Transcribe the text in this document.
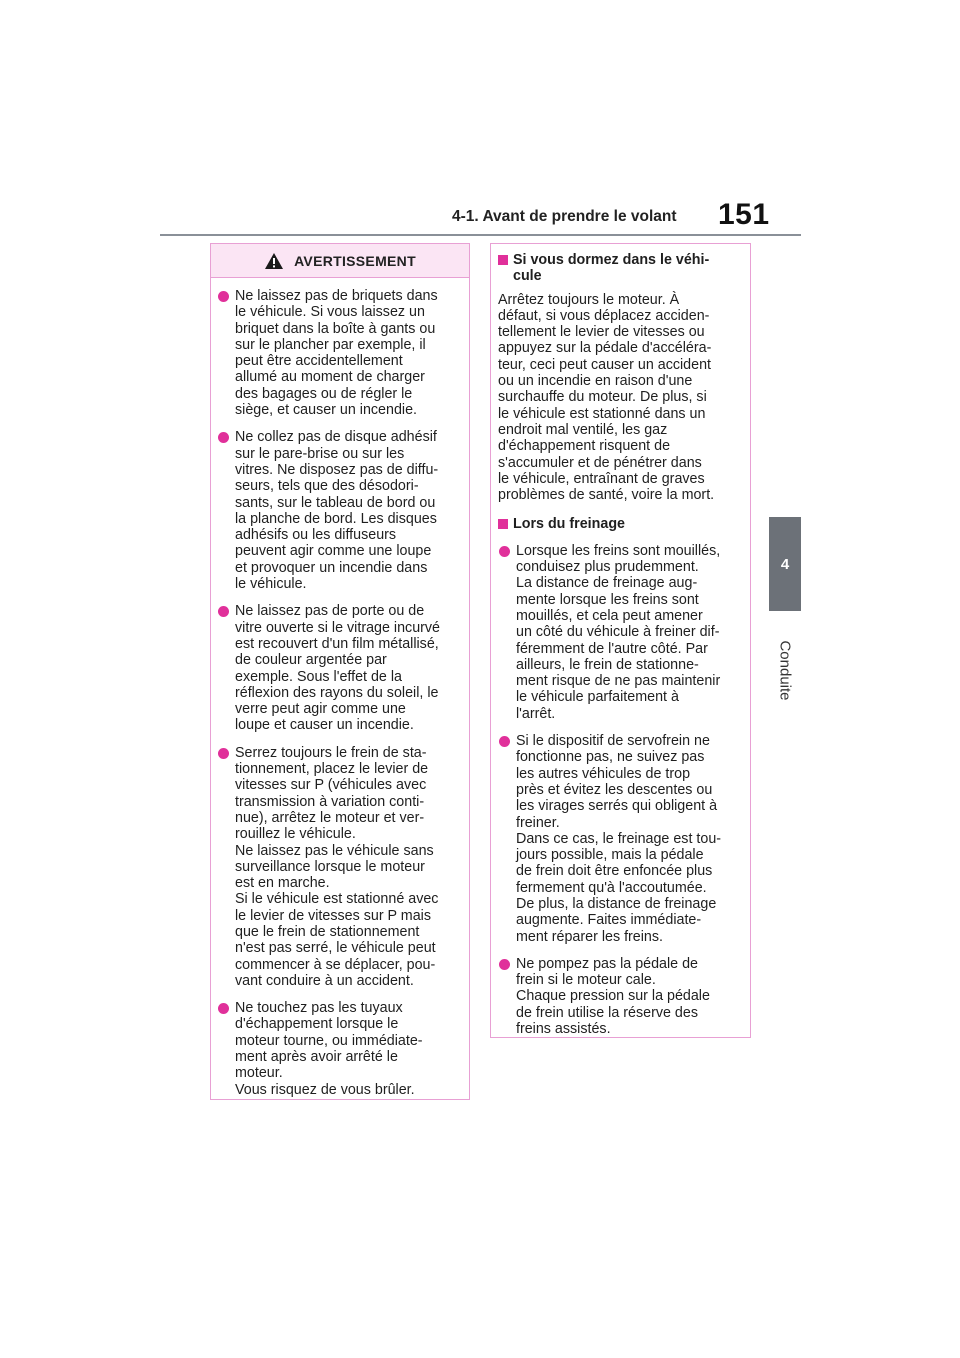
4-1. Avant de prendre le volant 151
4
Conduite
AVERTISSEMENT

Ne laissez pas de briquets dans
le véhicule. Si vous laissez un
briquet dans la boîte à gants ou
sur le plancher par exemple, il
peut être accidentellement
allumé au moment de charger
des bagages ou de régler le
siège, et causer un incendie.

Ne collez pas de disque adhésif
sur le pare-brise ou sur les
vitres. Ne disposez pas de diffu-
seurs, tels que des désodori-
sants, sur le tableau de bord ou
la planche de bord. Les disques
adhésifs ou les diffuseurs
peuvent agir comme une loupe
et provoquer un incendie dans
le véhicule.

Ne laissez pas de porte ou de
vitre ouverte si le vitrage incurvé
est recouvert d'un film métallisé,
de couleur argentée par
exemple. Sous l'effet de la
réflexion des rayons du soleil, le
verre peut agir comme une
loupe et causer un incendie.

Serrez toujours le frein de sta-
tionnement, placez le levier de
vitesses sur P (véhicules avec
transmission à variation conti-
nue), arrêtez le moteur et ver-
rouillez le véhicule.
Ne laissez pas le véhicule sans
surveillance lorsque le moteur
est en marche.
Si le véhicule est stationné avec
le levier de vitesses sur P mais
que le frein de stationnement
n'est pas serré, le véhicule peut
commencer à se déplacer, pou-
vant conduire à un accident.

Ne touchez pas les tuyaux
d'échappement lorsque le
moteur tourne, ou immédiate-
ment après avoir arrêté le
moteur.
Vous risquez de vous brûler.

Si vous dormez dans le véhi-
cule
Arrêtez toujours le moteur. À
défaut, si vous déplacez acciden-
tellement le levier de vitesses ou
appuyez sur la pédale d'accéléra-
teur, ceci peut causer un accident
ou un incendie en raison d'une
surchauffe du moteur. De plus, si
le véhicule est stationné dans un
endroit mal ventilé, les gaz
d'échappement risquent de
s'accumuler et de pénétrer dans
le véhicule, entraînant de graves
problèmes de santé, voire la mort.
Lors du freinage

Lorsque les freins sont mouillés,
conduisez plus prudemment.
La distance de freinage aug-
mente lorsque les freins sont
mouillés, et cela peut amener
un côté du véhicule à freiner dif-
féremment de l'autre côté. Par
ailleurs, le frein de stationne-
ment risque de ne pas maintenir
le véhicule parfaitement à
l'arrêt.

Si le dispositif de servofrein ne
fonctionne pas, ne suivez pas
les autres véhicules de trop
près et évitez les descentes ou
les virages serrés qui obligent à
freiner.
Dans ce cas, le freinage est tou-
jours possible, mais la pédale
de frein doit être enfoncée plus
fermement qu'à l'accoutumée.
De plus, la distance de freinage
augmente. Faites immédiate-
ment réparer les freins.

Ne pompez pas la pédale de
frein si le moteur cale.
Chaque pression sur la pédale
de frein utilise la réserve des
freins assistés.
